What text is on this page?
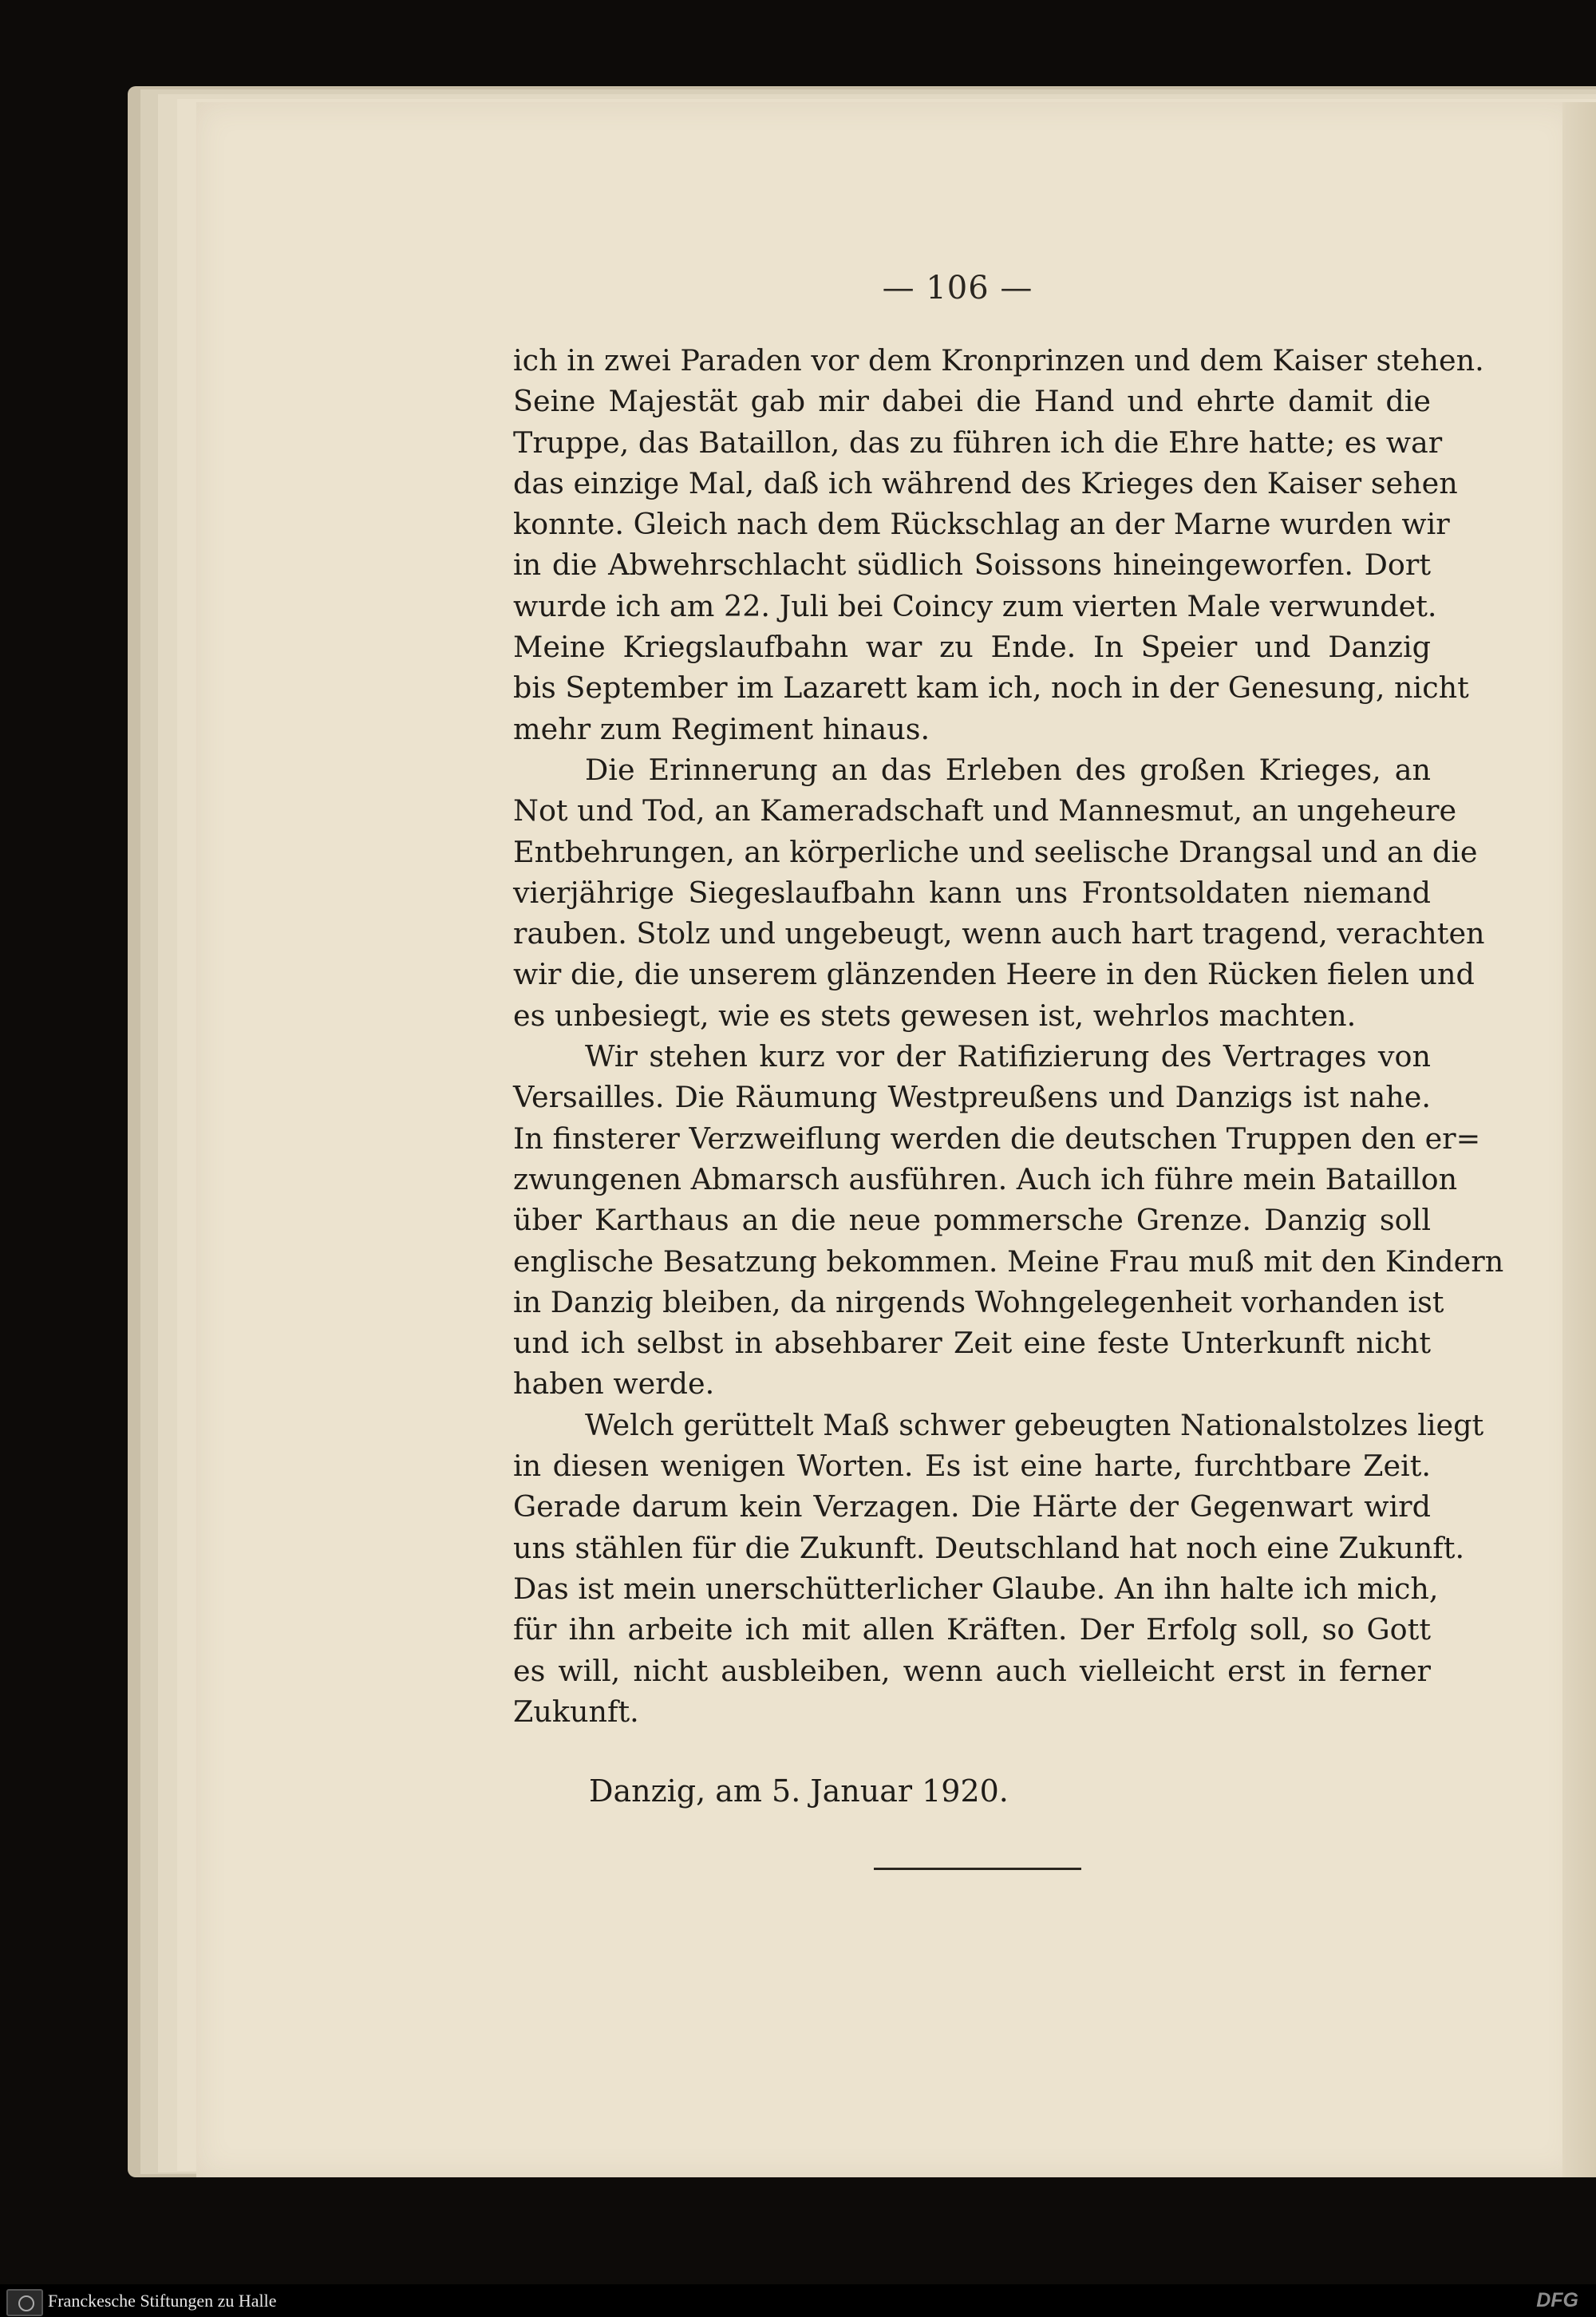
— 106 —
ich in zwei Paraden vor dem Kronprinzen und dem Kaiser stehen.
Seine Majestät gab mir dabei die Hand und ehrte damit die
Truppe, das Bataillon, das zu führen ich die Ehre hatte; es war
das einzige Mal, daß ich während des Krieges den Kaiser sehen
konnte. Gleich nach dem Rückschlag an der Marne wurden wir
in die Abwehrschlacht südlich Soissons hineingeworfen. Dort
wurde ich am 22. Juli bei Coincy zum vierten Male verwundet.
Meine Kriegslaufbahn war zu Ende. In Speier und Danzig
bis September im Lazarett kam ich, noch in der Genesung, nicht
mehr zum Regiment hinaus.
Die Erinnerung an das Erleben des großen Krieges, an
Not und Tod, an Kameradschaft und Mannesmut, an ungeheure
Entbehrungen, an körperliche und seelische Drangsal und an die
vierjährige Siegeslaufbahn kann uns Frontsoldaten niemand
rauben. Stolz und ungebeugt, wenn auch hart tragend, verachten
wir die, die unserem glänzenden Heere in den Rücken fielen und
es unbesiegt, wie es stets gewesen ist, wehrlos machten.
Wir stehen kurz vor der Ratifizierung des Vertrages von
Versailles. Die Räumung Westpreußens und Danzigs ist nahe.
In finsterer Verzweiflung werden die deutschen Truppen den er=
zwungenen Abmarsch ausführen. Auch ich führe mein Bataillon
über Karthaus an die neue pommersche Grenze. Danzig soll
englische Besatzung bekommen. Meine Frau muß mit den Kindern
in Danzig bleiben, da nirgends Wohngelegenheit vorhanden ist
und ich selbst in absehbarer Zeit eine feste Unterkunft nicht
haben werde.
Welch gerüttelt Maß schwer gebeugten Nationalstolzes liegt
in diesen wenigen Worten. Es ist eine harte, furchtbare Zeit.
Gerade darum kein Verzagen. Die Härte der Gegenwart wird
uns stählen für die Zukunft. Deutschland hat noch eine Zukunft.
Das ist mein unerschütterlicher Glaube. An ihn halte ich mich,
für ihn arbeite ich mit allen Kräften. Der Erfolg soll, so Gott
es will, nicht ausbleiben, wenn auch vielleicht erst in ferner
Zukunft.
Danzig, am 5. Januar 1920.
Franckesche Stiftungen zu Halle	DFG
